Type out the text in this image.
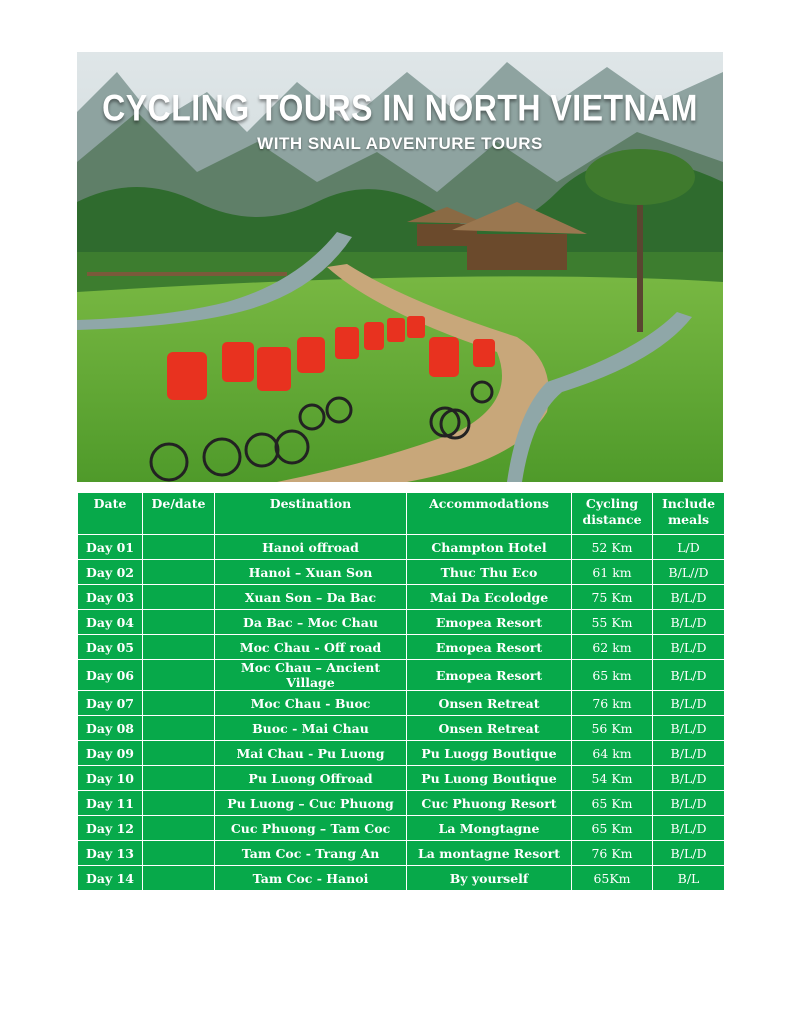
CYCLING TOURS IN NORTH VIETNAM
WITH SNAIL ADVENTURE TOURS
Date	De/date	Destination	Accommodations	Cycling distance	Include meals
Day 01		Hanoi offroad	Champton Hotel	52 Km	L/D
Day 02		Hanoi – Xuan Son	Thuc Thu Eco	61 km	B/L//D
Day 03		Xuan Son – Da Bac	Mai Da Ecolodge	75 Km	B/L/D
Day 04		Da Bac – Moc Chau	Emopea Resort	55 Km	B/L/D
Day 05		Moc Chau - Off road	Emopea Resort	62 km	B/L/D
Day 06		Moc Chau – Ancient Village	Emopea Resort	65 km	B/L/D
Day 07		Moc Chau - Buoc	Onsen Retreat	76 km	B/L/D
Day 08		Buoc - Mai Chau	Onsen Retreat	56 Km	B/L/D
Day 09		Mai Chau - Pu Luong	Pu Luogg Boutique	64 km	B/L/D
Day 10		Pu Luong Offroad	Pu Luong Boutique	54 Km	B/L/D
Day 11		Pu Luong – Cuc Phuong	Cuc Phuong Resort	65 Km	B/L/D
Day 12		Cuc Phuong – Tam Coc	La Mongtagne	65 Km	B/L/D
Day 13		Tam Coc - Trang An	La montagne Resort	76 Km	B/L/D
Day 14		Tam Coc - Hanoi	By yourself	65Km	B/L
